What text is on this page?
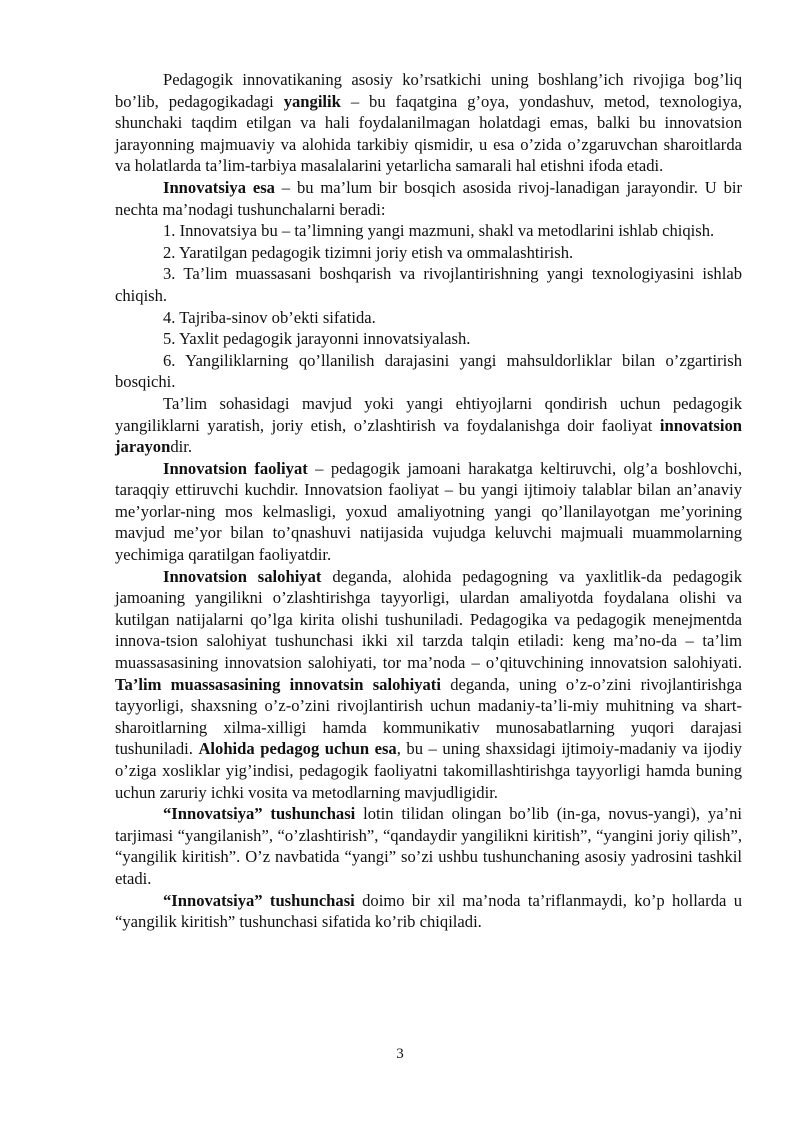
Pedagogik innovatikaning asosiy ko’rsatkichi uning boshlang’ich rivojiga bog’liq bo’lib, pedagogikadagi yangilik – bu faqatgina g’oya, yondashuv, metod, texnologiya, shunchaki taqdim etilgan va hali foydalanilmagan holatdagi emas, balki bu innovatsion jarayonning majmuaviy va alohida tarkibiy qismidir, u esa o’zida o’zgaruvchan sharoitlarda va holatlarda ta’lim-tarbiya masalalarini yetarlicha samarali hal etishni ifoda etadi.

Innovatsiya esa – bu ma’lum bir bosqich asosida rivoj-lanadigan jarayondir. U bir nechta ma’nodagi tushunchalarni beradi:

1. Innovatsiya bu – ta’limning yangi mazmuni, shakl va metodlarini ishlab chiqish.

2. Yaratilgan pedagogik tizimni joriy etish va ommalashtirish.

3. Ta’lim muassasani boshqarish va rivojlantirishning yangi texnologiyasini ishlab chiqish.

4. Tajriba-sinov ob’ekti sifatida.

5. Yaxlit pedagogik jarayonni innovatsiyalash.

6. Yangiliklarning qo’llanilish darajasini yangi mahsuldorliklar bilan o’zgartirish bosqichi.

Ta’lim sohasidagi mavjud yoki yangi ehtiyojlarni qondirish uchun pedagogik yangiliklarni yaratish, joriy etish, o’zlashtirish va foydalanishga doir faoliyat innovatsion jarayondir.

Innovatsion faoliyat – pedagogik jamoani harakatga keltiruvchi, olg’a boshlovchi, taraqqiy ettiruvchi kuchdir. Innovatsion faoliyat – bu yangi ijtimoiy talablar bilan an’anaviy me’yorlar-ning mos kelmasligi, yoxud amaliyotning yangi qo’llanilayotgan me’yorining mavjud me’yor bilan to’qnashuvi natijasida vujudga keluvchi majmuali muammolarning yechimiga qaratilgan faoliyatdir.

Innovatsion salohiyat deganda, alohida pedagogning va yaxlitlik-da pedagogik jamoaning yangilikni o’zlashtirishga tayyorligi, ulardan amaliyotda foydalana olishi va kutilgan natijalarni qo’lga kirita olishi tushuniladi. Pedagogika va pedagogik menejmentda innova-tsion salohiyat tushunchasi ikki xil tarzda talqin etiladi: keng ma’no-da – ta’lim muassasasining innovatsion salohiyati, tor ma’noda – o’qituvchining innovatsion salohiyati. Ta’lim muassasasining innovatsin salohiyati deganda, uning o’z-o’zini rivojlantirishga tayyorligi, shaxsning o’z-o’zini rivojlantirish uchun madaniy-ta’li-miy muhitning va shart-sharoitlarning xilma-xilligi hamda kommunikativ munosabatlarning yuqori darajasi tushuniladi. Alohida pedagog uchun esa, bu – uning shaxsidagi ijtimoiy-madaniy va ijodiy o’ziga xosliklar yig’indisi, pedagogik faoliyatni takomillashtirishga tayyorligi hamda buning uchun zaruriy ichki vosita va metodlarning mavjudligidir.

“Innovatsiya” tushunchasi lotin tilidan olingan bo’lib (in-ga, novus-yangi), ya’ni tarjimasi “yangilanish”, “o’zlashtirish”, “qandaydir yangilikni kiritish”, “yangini joriy qilish”, “yangilik kiritish”. O’z navbatida “yangi” so’zi ushbu tushunchaning asosiy yadrosini tashkil etadi.

“Innovatsiya” tushunchasi doimo bir xil ma’noda ta’riflanmaydi, ko’p hollarda u “yangilik kiritish” tushunchasi sifatida ko’rib chiqiladi.

3
